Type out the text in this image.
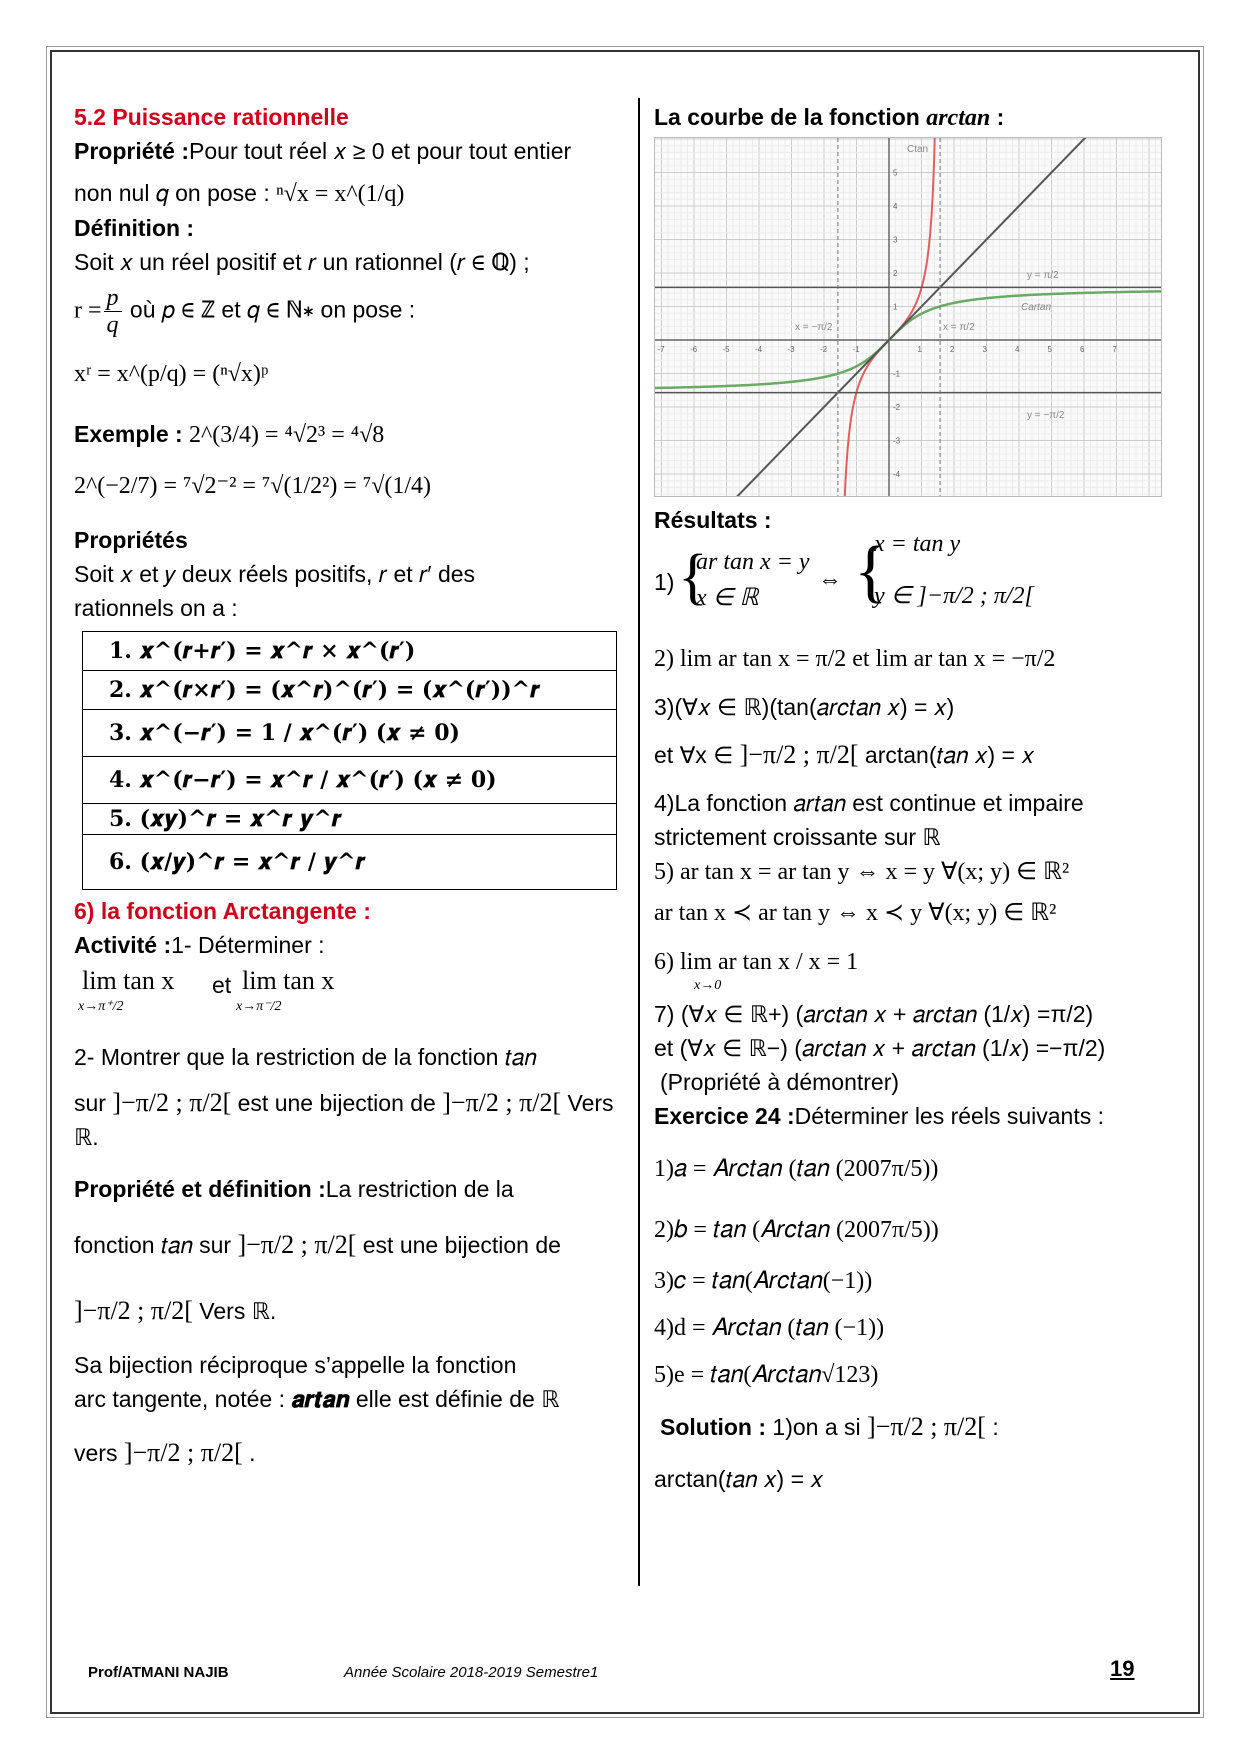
5.2 Puissance rationnelle

Propriété :Pour tout réel 𝑥 ≥ 0 et pour tout entier

non nul 𝑞 on pose : ⁿ√x = x^(1/q)

Définition :

Soit 𝑥 un réel positif et 𝑟 un rationnel (𝑟 ∈ ℚ) ;

$r = \frac{p}{q}$ où 𝑝 ∈ ℤ et 𝑞 ∈ ℕ∗ on pose :

xʳ = x^(p/q) = (ⁿ√x)ᵖ

Exemple : 2^(3/4) = ⁴√2³ = ⁴√8

2^(−2/7) = ⁷√2⁻² = ⁷√(1/2²) = ⁷√(1/4)

Propriétés

Soit 𝑥 et 𝑦 deux réels positifs, 𝑟 et 𝑟′ des

rationnels on a :

1. 𝒙^(𝒓+𝒓′) = 𝒙^𝒓 × 𝒙^(𝒓′)
2. 𝒙^(𝒓×𝒓′) = (𝒙^𝒓)^(𝒓′) = (𝒙^(𝒓′))^𝒓
3. 𝒙^(−𝒓′) = 𝟏 / 𝒙^(𝒓′) (𝒙 ≠ 𝟎)
4. 𝒙^(𝒓−𝒓′) = 𝒙^𝒓 / 𝒙^(𝒓′) (𝒙 ≠ 𝟎)
5. (𝒙𝒚)^𝒓 = 𝒙^𝒓 𝒚^𝒓
6. (𝒙/𝒚)^𝒓 = 𝒙^𝒓 / 𝒚^𝒓
6) la fonction Arctangente :

Activité :1- Déterminer :

lim tan x
x→π⁺/2
et lim tan x
x→π⁻/2

2- Montrer que la restriction de la fonction 𝑡𝑎𝑛

sur ]−π/2 ; π/2[ est une bijection de ]−π/2 ; π/2[ Vers ℝ.

Propriété et définition :La restriction de la

fonction 𝑡𝑎𝑛 sur ]−π/2 ; π/2[ est une bijection de

]−π/2 ; π/2[ Vers ℝ.

Sa bijection réciproque s’appelle la fonction

arc tangente, notée : 𝒂𝒓𝒕𝒂𝒏 elle est définie de ℝ

vers ]−π/2 ; π/2[ .

La courbe de la fonction arctan :

-7	-6	-5	-4	-3	-2	-1	1	2	3	4	5	6	7
5
4
3
2
1
-1
-2
-3
-4
Ctan
Cartan
y = π/2
y = −π/2
x = −π/2	x = π/2

Résultats :

1) {
ar tan x = y
x ∈ ℝ
⇔ {
x = tan y
y ∈ ]−π/2 ; π/2[

2) lim ar tan x = π/2 et lim ar tan x = −π/2

3)(∀𝑥 ∈ ℝ)(tan(𝑎𝑟𝑐𝑡𝑎𝑛 𝑥) = 𝑥)

et ∀x ∈ ]−π/2 ; π/2[ arctan(𝑡𝑎𝑛 𝑥) = 𝑥

4)La fonction 𝑎𝑟𝑡𝑎𝑛 est continue et impaire

strictement croissante sur ℝ

5) ar tan x = ar tan y ⇔ x = y ∀(x; y) ∈ ℝ²

ar tan x ≺ ar tan y ⇔ x ≺ y ∀(x; y) ∈ ℝ²

6) lim ar tan x / x = 1

x→0

7) (∀𝑥 ∈ ℝ+) (𝑎𝑟𝑐𝑡𝑎𝑛 𝑥 + 𝑎𝑟𝑐𝑡𝑎𝑛 (1/𝑥) =π/2)

et (∀𝑥 ∈ ℝ−) (𝑎𝑟𝑐𝑡𝑎𝑛 𝑥 + 𝑎𝑟𝑐𝑡𝑎𝑛 (1/𝑥) =−π/2)

(Propriété à démontrer)

Exercice 24 :Déterminer les réels suivants :

1)𝑎 = 𝐴𝑟𝑐𝑡𝑎𝑛 (𝑡𝑎𝑛 (2007π/5))

2)𝑏 = 𝑡𝑎𝑛 (𝐴𝑟𝑐𝑡𝑎𝑛 (2007π/5))

3)𝑐 = 𝑡𝑎𝑛(𝐴𝑟𝑐𝑡𝑎𝑛(−1))

4)d = 𝐴𝑟𝑐𝑡𝑎𝑛 (𝑡𝑎𝑛 (−1))

5)e = 𝑡𝑎𝑛(𝐴𝑟𝑐𝑡𝑎𝑛√123)

Solution : 1)on a si ]−π/2 ; π/2[ :

arctan(𝑡𝑎𝑛 𝑥) = 𝑥

Prof/ATMANI NAJIB	Année Scolaire 2018-2019 Semestre1	19
